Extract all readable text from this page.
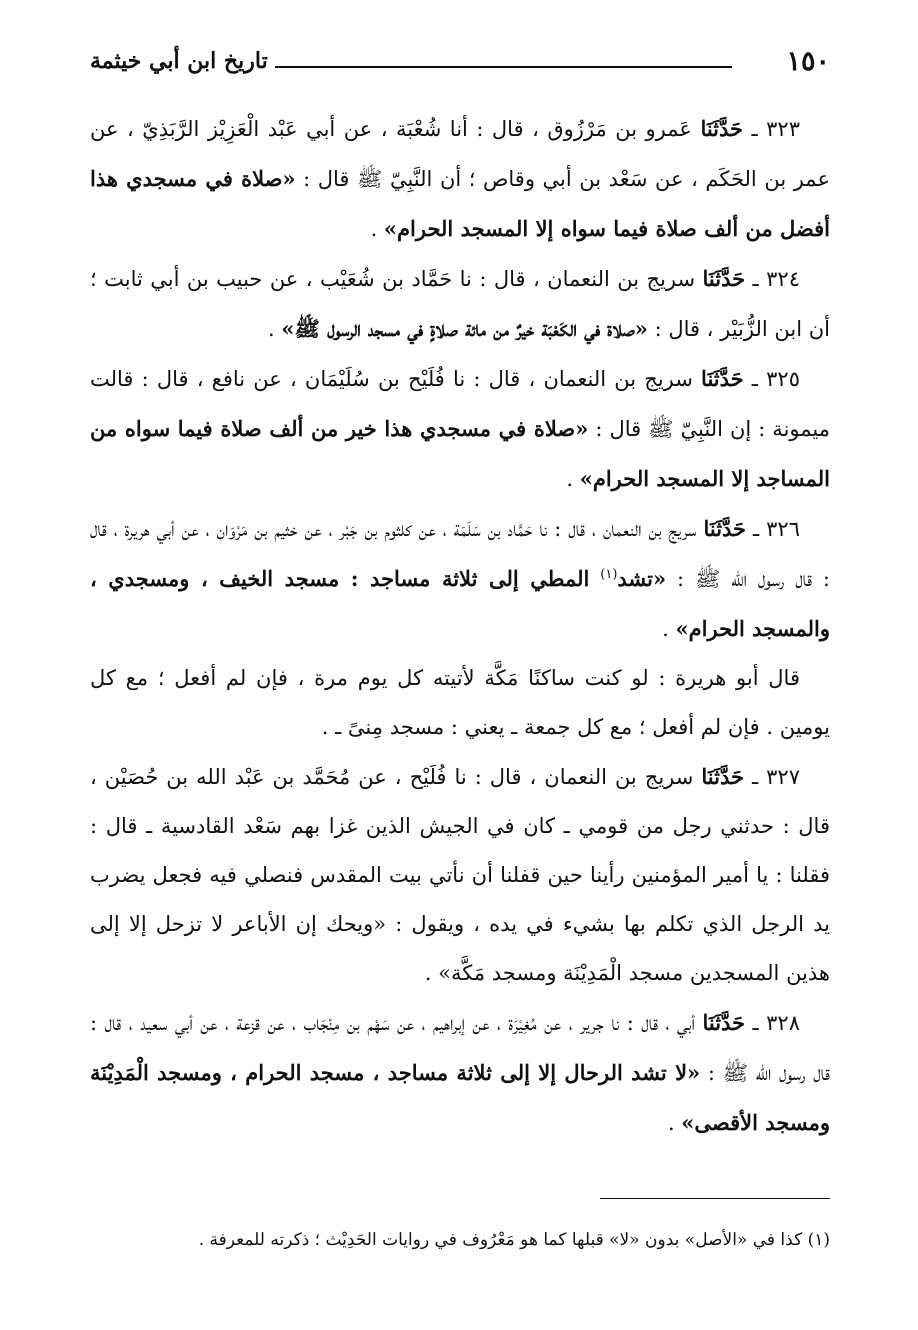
١٥٠
تاريخ ابن أبي خيثمة

٣٢٣ ـ حَدَّثَنَا عَمرو بن مَرْزُوق ، قال : أنا شُعْبَة ، عن أبي عَبْد الْعَزِيْز الرَّبَذِيّ ، عن عمر بن الحَكَم ، عن سَعْد بن أبي وقاص ؛ أن النَّبِيّ ﷺ قال : «صلاة في مسجدي هذا أفضل من ألف صلاة فيما سواه إلا المسجد الحرام» .

٣٢٤ ـ حَدَّثَنَا سريج بن النعمان ، قال : نا حَمَّاد بن شُعَيْب ، عن حبيب بن أبي ثابت ؛ أن ابن الزُّبَيْر ، قال : «صلاة في الكَعْبَة خيرٌ من مائة صلاةٍ في مسجد الرسول ﷺ» .

٣٢٥ ـ حَدَّثَنَا سريج بن النعمان ، قال : نا فُلَيْح بن سُلَيْمَان ، عن نافع ، قال : قالت ميمونة : إن النَّبِيّ ﷺ قال : «صلاة في مسجدي هذا خير من ألف صلاة فيما سواه من المساجد إلا المسجد الحرام» .

٣٢٦ ـ حَدَّثَنَا سريج بن النعمان ، قال : نا حَمَّاد بن سَلَمَة ، عن كلثوم بن جَبْر ، عن خثيم بن مَرْوَان ، عن أبي هريرة ، قال : قال رسول الله ﷺ : «تشد$^{(١)}$ المطي إلى ثلاثة مساجد : مسجد الخيف ، ومسجدي ، والمسجد الحرام» .

قال أبو هريرة : لو كنت ساكنًا مَكَّة لأتيته كل يوم مرة ، فإن لم أفعل ؛ مع كل يومين . فإن لم أفعل ؛ مع كل جمعة ـ يعني : مسجد مِنىً ـ .

٣٢٧ ـ حَدَّثَنَا سريج بن النعمان ، قال : نا فُلَيْح ، عن مُحَمَّد بن عَبْد الله بن حُصَيْن ، قال : حدثني رجل من قومي ـ كان في الجيش الذين غزا بهم سَعْد القادسية ـ قال : فقلنا : يا أمير المؤمنين رأينا حين قفلنا أن نأتي بيت المقدس فنصلي فيه فجعل يضرب يد الرجل الذي تكلم بها بشيء في يده ، ويقول : «ويحك إن الأباعر لا تزحل إلا إلى هذين المسجدين مسجد الْمَدِيْنَة ومسجد مَكَّة» .

٣٢٨ ـ حَدَّثَنَا أبي ، قال : نا جرير ، عن مُغِيْرَة ، عن إبراهيم ، عن سَهْم بن مِنْجَاب ، عن قزعة ، عن أبي سعيد ، قال : قال رسول الله ﷺ : «لا تشد الرحال إلا إلى ثلاثة مساجد ، مسجد الحرام ، ومسجد الْمَدِيْنَة ومسجد الأقصى» .

(١) كذا في «الأصل» بدون «لا» قبلها كما هو مَعْرُوف في روايات الحَدِيْث ؛ ذكرته للمعرفة .
